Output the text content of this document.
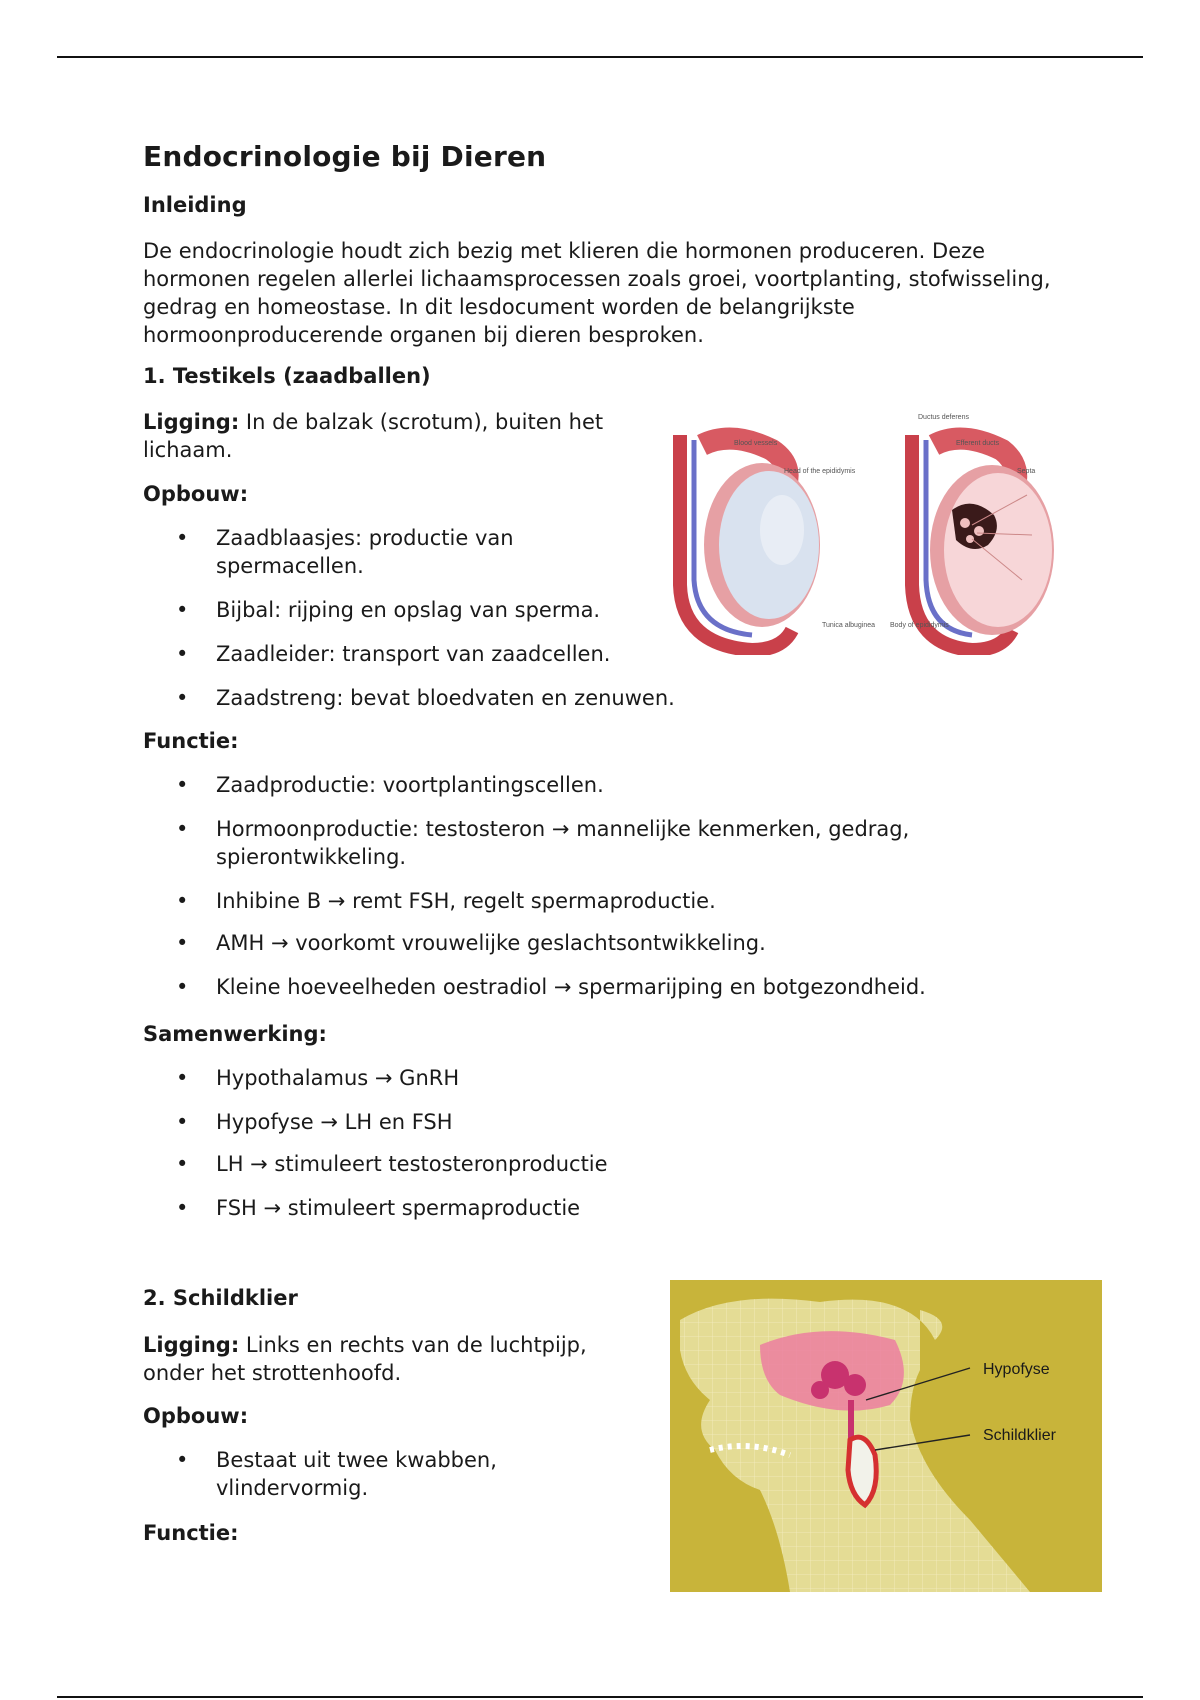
Endocrinologie bij Dieren
Inleiding

De endocrinologie houdt zich bezig met klieren die hormonen produceren. Deze hormonen regelen allerlei lichaamsprocessen zoals groei, voortplanting, stofwisseling, gedrag en homeostase. In dit lesdocument worden de belangrijkste hormoonproducerende organen bij dieren besproken.

1. Testikels (zaadballen)

Ligging: In de balzak (scrotum), buiten het lichaam.

Opbouw:
• Zaadblaasjes: productie van spermacellen.
• Bijbal: rijping en opslag van sperma.
• Zaadleider: transport van zaadcellen.
• Zaadstreng: bevat bloedvaten en zenuwen.
Functie:
• Zaadproductie: voortplantingscellen.
• Hormoonproductie: testosteron → mannelijke kenmerken, gedrag, spierontwikkeling.
• Inhibine B → remt FSH, regelt spermaproductie.
• AMH → voorkomt vrouwelijke geslachtsontwikkeling.
• Kleine hoeveelheden oestradiol → spermarijping en botgezondheid.
Samenwerking:
• Hypothalamus → GnRH
• Hypofyse → LH en FSH
• LH → stimuleert testosteronproductie
• FSH → stimuleert spermaproductie
2. Schildklier

Ligging: Links en rechts van de luchtpijp, onder het strottenhoofd.

Opbouw:
• Bestaat uit twee kwabben, vlindervormig.
Functie:
Blood vessels
Head of the epididymis
Tunica albuginea
Ductus deferens
Efferent ducts
Septa
Body of epididymis
Hypofyse
Schildklier
